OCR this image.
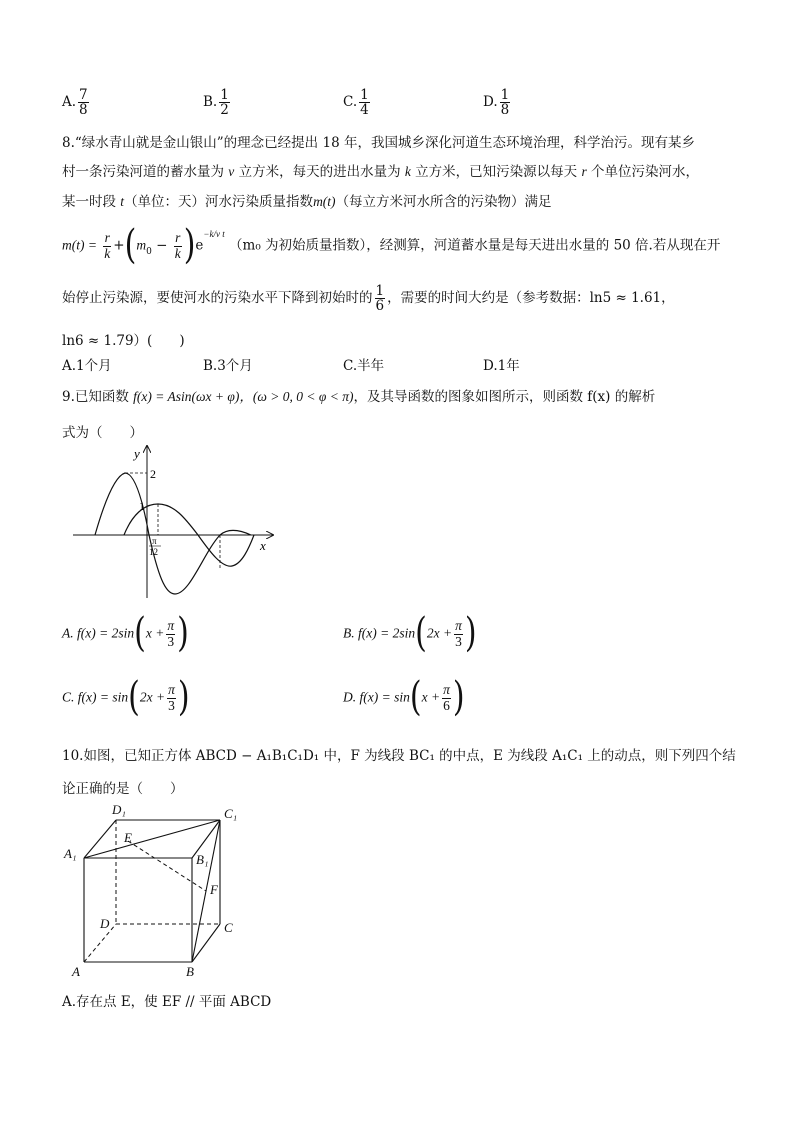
A. $\frac{7}{8}$	B. $\frac{1}{2}$	C. $\frac{1}{4}$	D. $\frac{1}{8}$
8.“绿水青山就是金山银山”的理念已经提出 18 年，我国城乡深化河道生态环境治理，科学治污。现有某乡
村一条污染河道的蓄水量为 v 立方米，每天的进出水量为 k 立方米，已知污染源以每天 r 个单位污染河水，
某一时段 t（单位：天）河水污染质量指数m(t)（每立方米河水所含的污染物）满足
$m(t) = \frac{r}{k} +(m_0 - \frac{r}{k} )e^{-k/v t}$ （m₀ 为初始质量指数），经测算，河道蓄水量是每天进出水量的 50 倍.若从现在开
始停止污染源，要使河水的污染水平下降到初始时的 $\frac{1}{6}$ ，需要的时间大约是（参考数据：ln5 ≈ 1.61，
ln6 ≈ 1.79）(　　)
A.1个月	B.3个月	C.半年	D.1年
9.已知函数 f(x) = Asin(ωx + φ)，(ω > 0, 0 < φ < π)，及其导函数的图象如图所示，则函数 f(x) 的解析
式为（　　）
y
x
2
1
π
12
A. $f(x) = 2\sin(x + \frac{\pi}{3}$ )	B. $f(x) = 2\sin(2x + \frac{\pi}{3}$ )
C. $f(x) = \sin(2x + \frac{\pi}{3}$ )	D. $f(x) = \sin(x + \frac{\pi}{6}$ )
10.如图，已知正方体 ABCD − A₁B₁C₁D₁ 中，F 为线段 BC₁ 的中点，E 为线段 A₁C₁ 上的动点，则下列四个结
论正确的是（　　）
D₁	C₁
A₁	B₁
E
F
D	C
A	B
A.存在点 E，使 EF // 平面 ABCD
